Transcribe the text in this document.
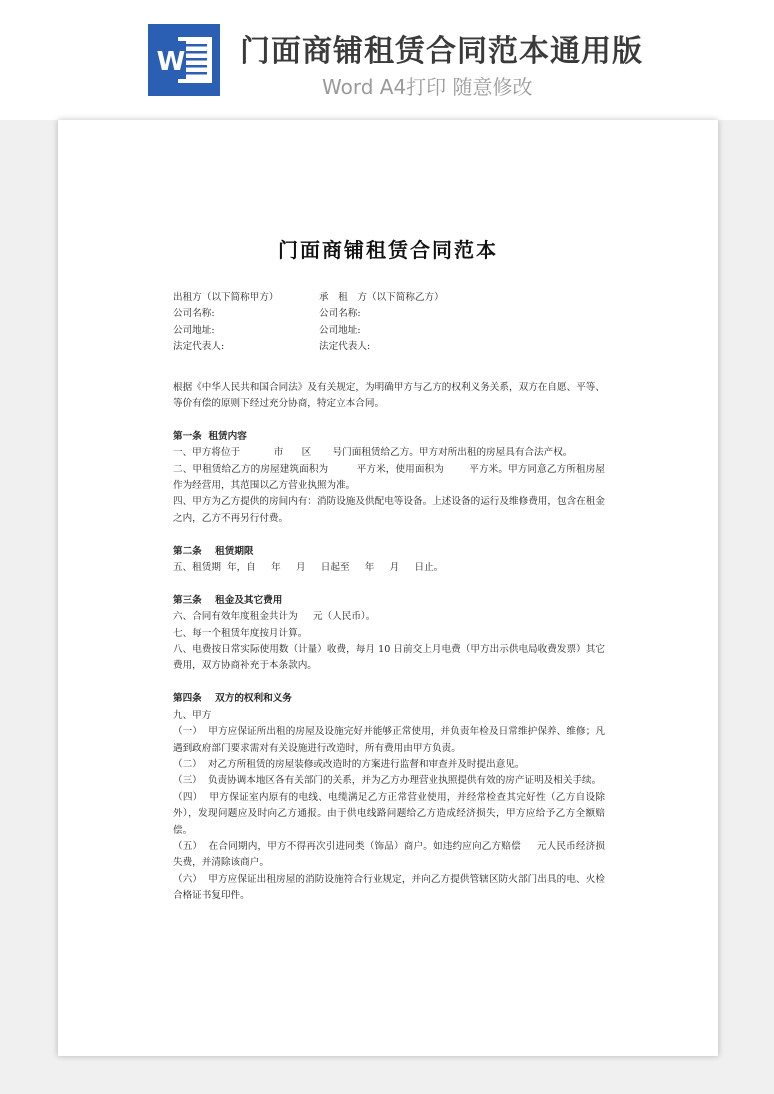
W 门面商铺租赁合同范本通用版
Word A4打印 随意修改
门面商铺租赁合同范本
出租方（以下简称甲方）	承　租　方（以下简称乙方）
公司名称:	公司名称:
公司地址:	公司地址:
法定代表人:	法定代表人:

根据《中华人民共和国合同法》及有关规定，为明确甲方与乙方的权利义务关系，双方在自愿、平等、等价有偿的原则下经过充分协商，特定立本合同。

第一条  租赁内容

一、甲方将位于           市      区       号门面租赁给乙方。甲方对所出租的房屋具有合法产权。

二、甲租赁给乙方的房屋建筑面积为         平方米，使用面积为        平方米。甲方同意乙方所租房屋作为经营用，其范围以乙方营业执照为准。

四、甲方为乙方提供的房间内有：消防设施及供配电等设备。上述设备的运行及维修费用，包含在租金之内，乙方不再另行付费。

第二条    租赁期限

五、租赁期  年，自     年     月     日起至     年     月     日止。

第三条    租金及其它费用

六、合同有效年度租金共计为     元（人民币）。

七、每一个租赁年度按月计算。

八、电费按日常实际使用数（计量）收费，每月 10 日前交上月电费（甲方出示供电局收费发票）其它费用，双方协商补充于本条款内。

第四条    双方的权利和义务

九、甲方

（一）  甲方应保证所出租的房屋及设施完好并能够正常使用，并负责年检及日常维护保养、维修；凡遇到政府部门要求需对有关设施进行改造时，所有费用由甲方负责。

（二）  对乙方所租赁的房屋装修或改造时的方案进行监督和审查并及时提出意见。

（三）  负责协调本地区各有关部门的关系，并为乙方办理营业执照提供有效的房产证明及相关手续。

（四）  甲方保证室内原有的电线、电缆满足乙方正常营业使用，并经常检查其完好性（乙方自设除外），发现问题应及时向乙方通报。由于供电线路问题给乙方造成经济损失，甲方应给予乙方全额赔偿。

（五）  在合同期内，甲方不得再次引进同类（饰品）商户。如违约应向乙方赔偿     元人民币经济损失费，并清除该商户。

（六）  甲方应保证出租房屋的消防设施符合行业规定，并向乙方提供管辖区防火部门出具的电、火检合格证书复印件。
